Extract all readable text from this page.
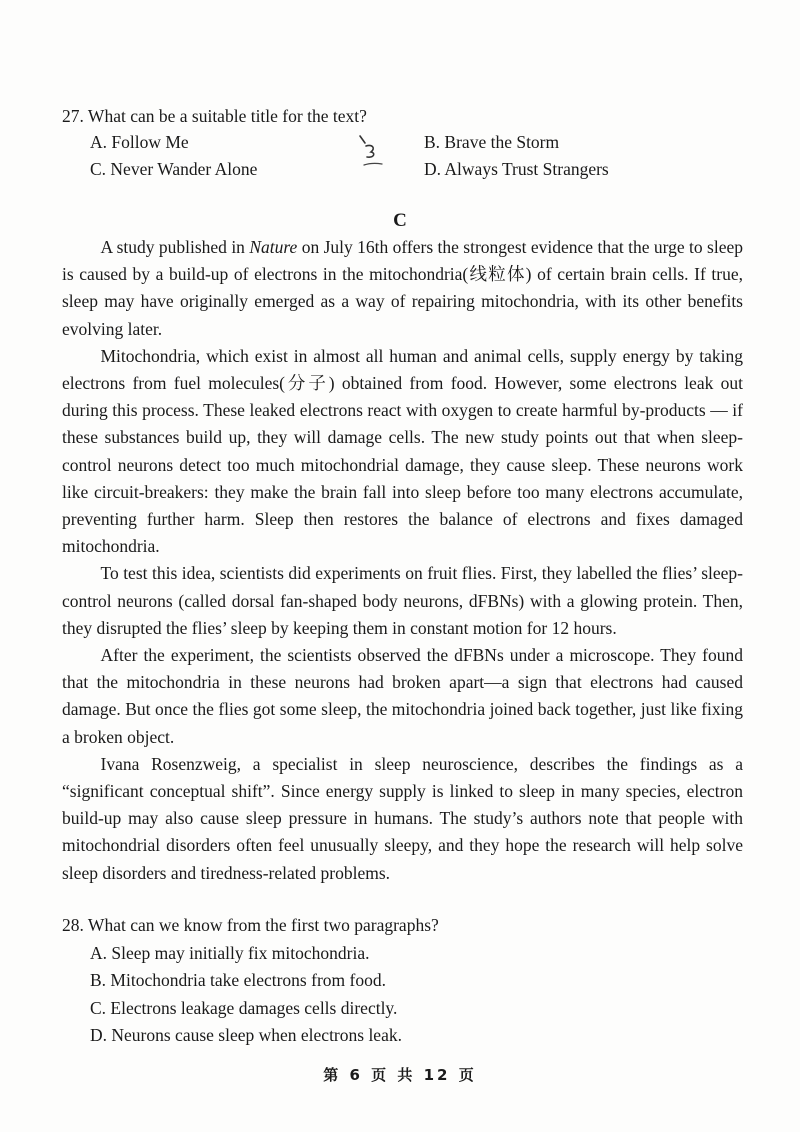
27. What can be a suitable title for the text?
A. Follow Me	B. Brave the Storm
C. Never Wander Alone	D. Always Trust Strangers
C

A study published in Nature on July 16th offers the strongest evidence that the urge to sleep is caused by a build-up of electrons in the mitochondria(线粒体) of certain brain cells. If true, sleep may have originally emerged as a way of repairing mitochondria, with its other benefits evolving later.

Mitochondria, which exist in almost all human and animal cells, supply energy by taking electrons from fuel molecules(分子) obtained from food. However, some electrons leak out during this process. These leaked electrons react with oxygen to create harmful by-products — if these substances build up, they will damage cells. The new study points out that when sleep-control neurons detect too much mitochondrial damage, they cause sleep. These neurons work like circuit-breakers: they make the brain fall into sleep before too many electrons accumulate, preventing further harm. Sleep then restores the balance of electrons and fixes damaged mitochondria.

To test this idea, scientists did experiments on fruit flies. First, they labelled the flies’ sleep-control neurons (called dorsal fan-shaped body neurons, dFBNs) with a glowing protein. Then, they disrupted the flies’ sleep by keeping them in constant motion for 12 hours.

After the experiment, the scientists observed the dFBNs under a microscope. They found that the mitochondria in these neurons had broken apart—a sign that electrons had caused damage. But once the flies got some sleep, the mitochondria joined back together, just like fixing a broken object.

Ivana Rosenzweig, a specialist in sleep neuroscience, describes the findings as a “significant conceptual shift”. Since energy supply is linked to sleep in many species, electron build-up may also cause sleep pressure in humans. The study’s authors note that people with mitochondrial disorders often feel unusually sleepy, and they hope the research will help solve sleep disorders and tiredness-related problems.

28. What can we know from the first two paragraphs?

A. Sleep may initially fix mitochondria.

B. Mitochondria take electrons from food.

C. Electrons leakage damages cells directly.

D. Neurons cause sleep when electrons leak.

第 6 页 共 12 页
